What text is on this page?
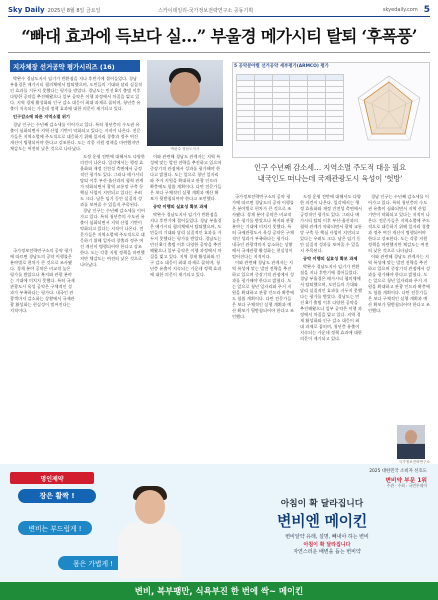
Sky Daily 2025년 8월 8일 금요일	스카이데일리-국가정보전략연구소 공동기획	skyedaily.com 5
“빠대 효과에 득보다 실…” 부울경 메가시티 탈퇴 ‘후폭풍’
지자체장 선거공약 평가시리즈 (16)
박완수 경남도지사

박완수 경남도지사 임기가 반환점을 지나 후반기에 접어들었다. 경남 부울경은 메가시티 협의체에서 탈퇴했으며, 도민들의 기대와 달리 실질적인 효과를 거두지 못했다는 평가를 받았다. 경남도는 민선 8기 출범 이후 다양한 공약을 추진해왔으나 일부 공약은 이행 과정에서 차질을 빚고 있다. 지역 경제 활성화와 인구 감소 대응이 최대 과제로 꼽히며, 청년층 유출이 지속되는 가운데 정책 효과에 대한 의문이 제기되고 있다.

인구감소에 따른 지역소멸 위기

경남 인구는 수년째 감소세를 이어가고 있다. 특히 청년층의 수도권 유출이 심화되면서 지역 산업 기반이 약화되고 있다는 지적이 나온다. 전문가들은 지역소멸에 주도적으로 대응하기 위해 일자리 창출과 정주 여건 개선이 병행되어야 한다고 강조한다. 도는 각종 지원 정책을 마련했지만 체감도는 여전히 낮은 것으로 나타났다.

국가정보전략연구소의 공약 평가에 따르면 경남도의 공약 이행률은 분야별로 편차가 큰 것으로 조사됐다. 경제 분야 공약은 비교적 높은 평가를 받았으나 복지와 관광 분야는 기대에 미치지 못했다. 특히 국제관광도시 육성 공약은 구체적인 성과가 부족하다는 평가다. 내국인 관광객마저 감소하는 상황에서 국제관광 활성화는 현실성이 떨어진다는 지적이다.

도정 운영 전반에 대해서도 다양한 의견이 나온다. 일각에서는 행정 효율화와 재정 건전성 측면에서 긍정적인 평가도 있다. 그러나 메가시티 탈퇴 이후 부산·울산과의 협력 관계가 약화되면서 광역 교통망 구축 등 핵심 사업이 지연되고 있다는 우려도 크다. 남은 임기 동안 실질적 성과를 보여줄 수 있을지 주목된다.

경남 인구는 수년째 감소세를 이어가고 있다. 특히 청년층의 수도권 유출이 심화되면서 지역 산업 기반이 약화되고 있다는 지적이 나온다. 전문가들은 지역소멸에 주도적으로 대응하기 위해 일자리 창출과 정주 여건 개선이 병행되어야 한다고 강조한다. 도는 각종 지원 정책을 마련했지만 체감도는 여전히 낮은 것으로 나타났다.

이와 관련해 경남도 관계자는 지역 특성에 맞는 발전 전략을 추진하고 있으며 중장기적 관점에서 성과를 평가해야 한다고 밝혔다. 도는 앞으로 청년 일자리와 주거 지원을 확대하고 관광 인프라 확충에도 힘쓸 계획이다. 다만 전문가들은 보다 구체적인 실행 계획과 예산 확보가 뒷받침되어야 한다고 조언했다.

공약 이행의 실효성 확보 과제

박완수 경남도지사 임기가 반환점을 지나 후반기에 접어들었다. 경남 부울경은 메가시티 협의체에서 탈퇴했으며, 도민들의 기대와 달리 실질적인 효과를 거두지 못했다는 평가를 받았다. 경남도는 민선 8기 출범 이후 다양한 공약을 추진해왔으나 일부 공약은 이행 과정에서 차질을 빚고 있다. 지역 경제 활성화와 인구 감소 대응이 최대 과제로 꼽히며, 청년층 유출이 지속되는 가운데 정책 효과에 대한 의문이 제기되고 있다.

5 공약분야별 선거공약 세부평가(ARMCO) 평가

인구 수년째 감소세… 지역소멸 주도적 대응 필요
내국인도 떠나는데 국제관광도시 육성이 ‘헛방’

국가정보전략연구소의 공약 평가에 따르면 경남도의 공약 이행률은 분야별로 편차가 큰 것으로 조사됐다. 경제 분야 공약은 비교적 높은 평가를 받았으나 복지와 관광 분야는 기대에 미치지 못했다. 특히 국제관광도시 육성 공약은 구체적인 성과가 부족하다는 평가다. 내국인 관광객마저 감소하는 상황에서 국제관광 활성화는 현실성이 떨어진다는 지적이다.

이와 관련해 경남도 관계자는 지역 특성에 맞는 발전 전략을 추진하고 있으며 중장기적 관점에서 성과를 평가해야 한다고 밝혔다. 도는 앞으로 청년 일자리와 주거 지원을 확대하고 관광 인프라 확충에도 힘쓸 계획이다. 다만 전문가들은 보다 구체적인 실행 계획과 예산 확보가 뒷받침되어야 한다고 조언했다.

도정 운영 전반에 대해서도 다양한 의견이 나온다. 일각에서는 행정 효율화와 재정 건전성 측면에서 긍정적인 평가도 있다. 그러나 메가시티 탈퇴 이후 부산·울산과의 협력 관계가 약화되면서 광역 교통망 구축 등 핵심 사업이 지연되고 있다는 우려도 크다. 남은 임기 동안 실질적 성과를 보여줄 수 있을지 주목된다.

공약 이행의 실효성 확보 과제

박완수 경남도지사 임기가 반환점을 지나 후반기에 접어들었다. 경남 부울경은 메가시티 협의체에서 탈퇴했으며, 도민들의 기대와 달리 실질적인 효과를 거두지 못했다는 평가를 받았다. 경남도는 민선 8기 출범 이후 다양한 공약을 추진해왔으나 일부 공약은 이행 과정에서 차질을 빚고 있다. 지역 경제 활성화와 인구 감소 대응이 최대 과제로 꼽히며, 청년층 유출이 지속되는 가운데 정책 효과에 대한 의문이 제기되고 있다.

경남 인구는 수년째 감소세를 이어가고 있다. 특히 청년층의 수도권 유출이 심화되면서 지역 산업 기반이 약화되고 있다는 지적이 나온다. 전문가들은 지역소멸에 주도적으로 대응하기 위해 일자리 창출과 정주 여건 개선이 병행되어야 한다고 강조한다. 도는 각종 지원 정책을 마련했지만 체감도는 여전히 낮은 것으로 나타났다.

이와 관련해 경남도 관계자는 지역 특성에 맞는 발전 전략을 추진하고 있으며 중장기적 관점에서 성과를 평가해야 한다고 밝혔다. 도는 앞으로 청년 일자리와 주거 지원을 확대하고 관광 인프라 확충에도 힘쓸 계획이다. 다만 전문가들은 보다 구체적인 실행 계획과 예산 확보가 뒷받침되어야 한다고 조언했다.

국가정보전략연구소
명인제약
장은 활짝 !
변비는 부드럽게 !
몸은 가볍게 !
2025 대한민국 소비자 선호도
변비약 부문 1위
주관 · 주최 : 국민투데이
아침이 확 달라집니다
변비엔 메이킨
변비알약 유래, 설명, 빼내야 하는 변비
아침이 확 달라집니다
자연스러운 배변을 돕는 변비약
변비, 복부팽만, 식욕부진 한 번에 싹~ 메이킨
